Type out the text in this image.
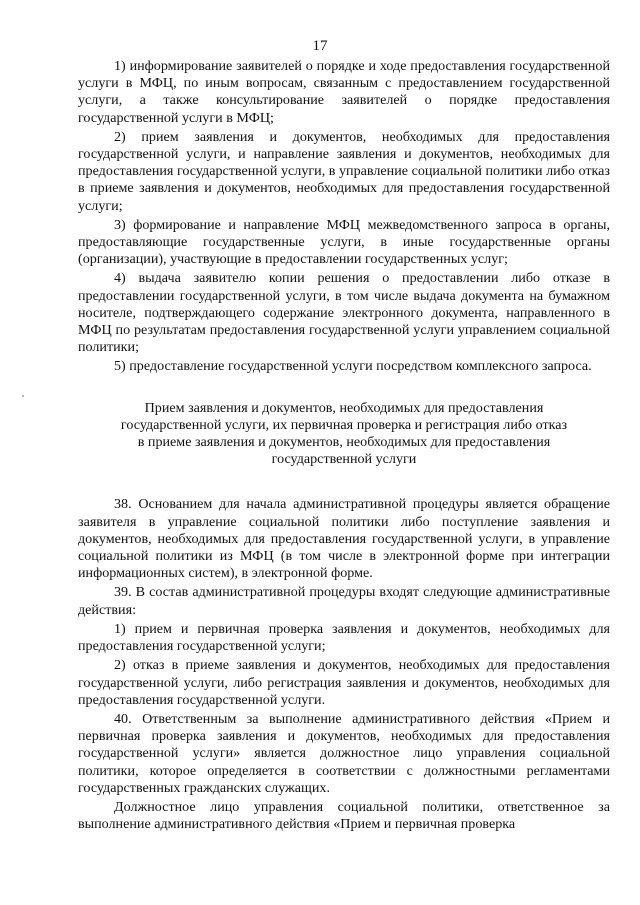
17

1) информирование заявителей о порядке и ходе предоставления государственной услуги в МФЦ, по иным вопросам, связанным с предоставлением государственной услуги, а также консультирование заявителей о порядке предоставления государственной услуги в МФЦ;

2) прием заявления и документов, необходимых для предоставления государственной услуги, и направление заявления и документов, необходимых для предоставления государственной услуги, в управление социальной политики либо отказ в приеме заявления и документов, необходимых для предоставления государственной услуги;

3) формирование и направление МФЦ межведомственного запроса в органы, предоставляющие государственные услуги, в иные государственные органы (организации), участвующие в предоставлении государственных услуг;

4) выдача заявителю копии решения о предоставлении либо отказе в предоставлении государственной услуги, в том числе выдача документа на бумажном носителе, подтверждающего содержание электронного документа, направленного в МФЦ по результатам предоставления государственной услуги управлением социальной политики;

5) предоставление государственной услуги посредством комплексного запроса.

Прием заявления и документов, необходимых для предоставления
государственной услуги, их первичная проверка и регистрация либо отказ
в приеме заявления и документов, необходимых для предоставления
государственной услуги

38. Основанием для начала административной процедуры является обращение заявителя в управление социальной политики либо поступление заявления и документов, необходимых для предоставления государственной услуги, в управление социальной политики из МФЦ (в том числе в электронной форме при интеграции информационных систем), в электронной форме.

39. В состав административной процедуры входят следующие административные действия:

1) прием и первичная проверка заявления и документов, необходимых для предоставления государственной услуги;

2) отказ в приеме заявления и документов, необходимых для предоставления государственной услуги, либо регистрация заявления и документов, необходимых для предоставления государственной услуги.

40. Ответственным за выполнение административного действия «Прием и первичная проверка заявления и документов, необходимых для предоставления государственной услуги» является должностное лицо управления социальной политики, которое определяется в соответствии с должностными регламентами государственных гражданских служащих.

Должностное лицо управления социальной политики, ответственное за выполнение административного действия «Прием и первичная проверка
